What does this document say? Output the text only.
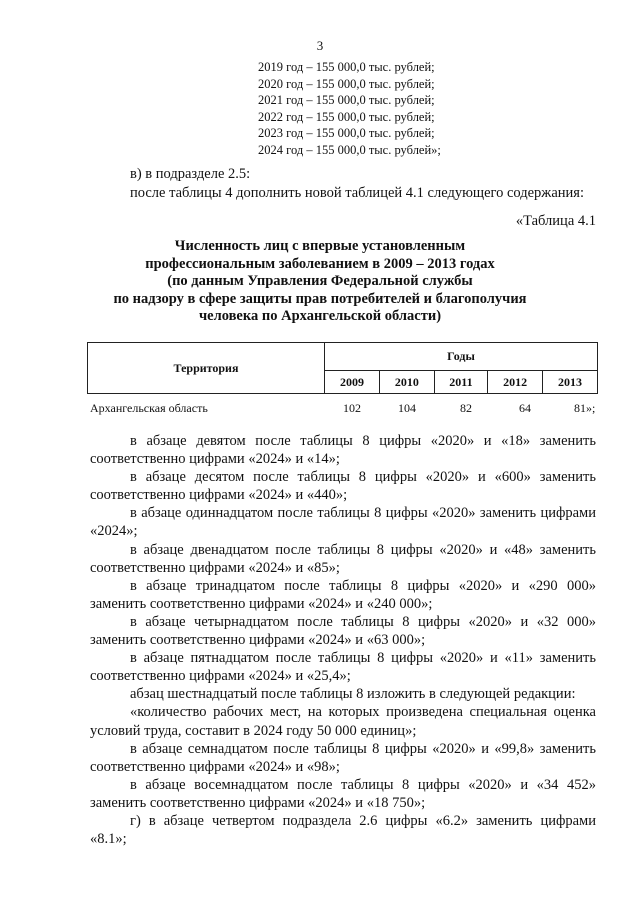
3
2019 год – 155 000,0 тыс. рублей;
2020 год – 155 000,0 тыс. рублей;
2021 год – 155 000,0 тыс. рублей;
2022 год – 155 000,0 тыс. рублей;
2023 год – 155 000,0 тыс. рублей;
2024 год – 155 000,0 тыс. рублей»;
в) в подразделе 2.5:
после таблицы 4 дополнить новой таблицей 4.1 следующего содержания:
«Таблица 4.1
Численность лиц с впервые установленным
профессиональным заболеванием в 2009 – 2013 годах
(по данным Управления Федеральной службы
по надзору в сфере защиты прав потребителей и благополучия
человека по Архангельской области)
Территория	Годы				
	2009	2010	2011	2012	2013
Архангельская область	102	104	82	64	81»;

в абзаце девятом после таблицы 8 цифры «2020» и «18» заменить соответственно цифрами «2024» и «14»;

в абзаце десятом после таблицы 8 цифры «2020» и «600» заменить соответственно цифрами «2024» и «440»;

в абзаце одиннадцатом после таблицы 8 цифры «2020» заменить цифрами «2024»;

в абзаце двенадцатом после таблицы 8 цифры «2020» и «48» заменить соответственно цифрами «2024» и «85»;

в абзаце тринадцатом после таблицы 8 цифры «2020» и «290 000» заменить соответственно цифрами «2024» и «240 000»;

в абзаце четырнадцатом после таблицы 8 цифры «2020» и «32 000» заменить соответственно цифрами «2024» и «63 000»;

в абзаце пятнадцатом после таблицы 8 цифры «2020» и «11» заменить соответственно цифрами «2024» и «25,4»;

абзац шестнадцатый после таблицы 8 изложить в следующей редакции:

«количество рабочих мест, на которых произведена специальная оценка условий труда, составит в 2024 году 50 000 единиц»;

в абзаце семнадцатом после таблицы 8 цифры «2020» и «99,8» заменить соответственно цифрами «2024» и «98»;

в абзаце восемнадцатом после таблицы 8 цифры «2020» и «34 452» заменить соответственно цифрами «2024» и «18 750»;

г) в абзаце четвертом подраздела 2.6 цифры «6.2» заменить цифрами «8.1»;
